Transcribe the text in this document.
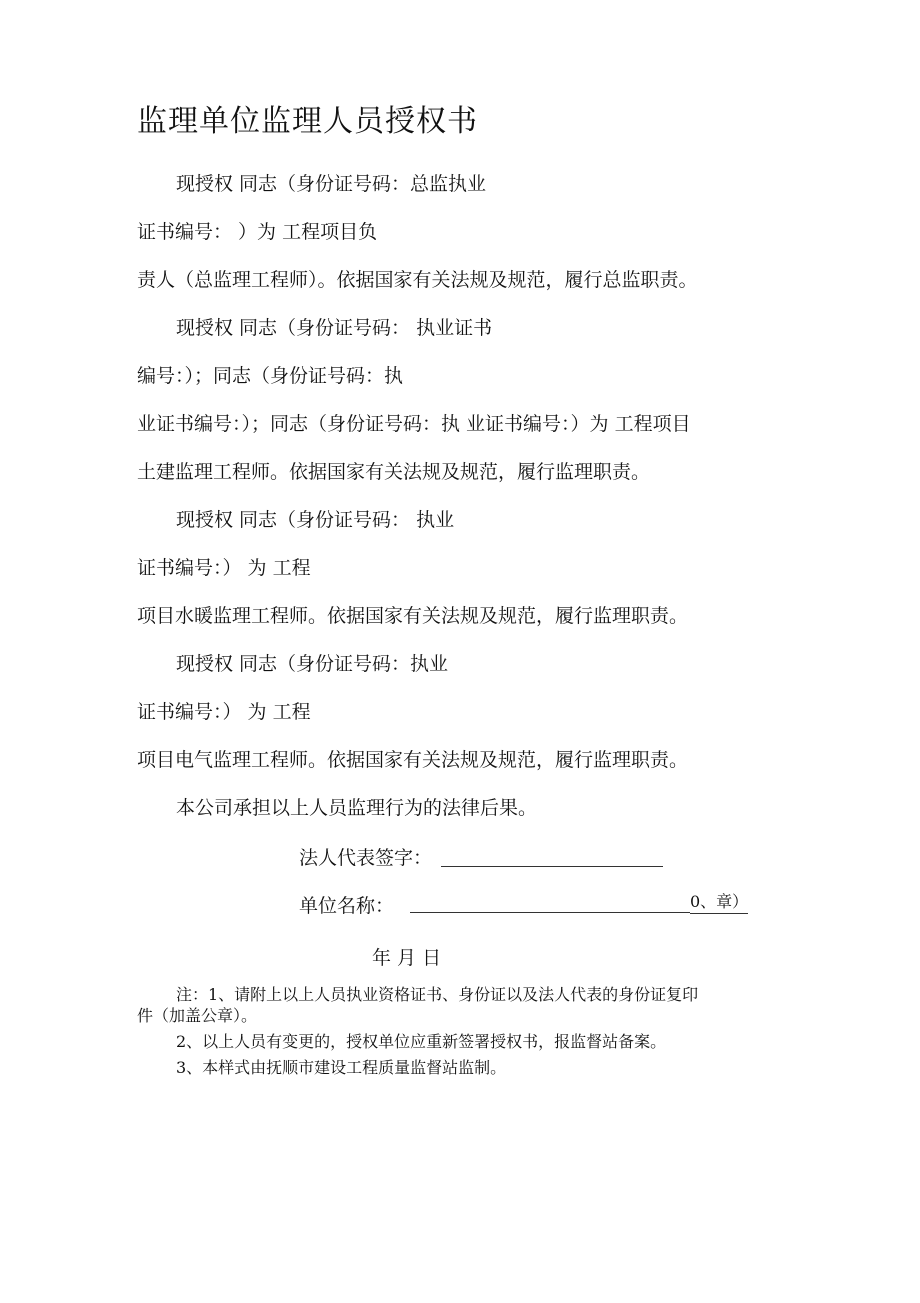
监理单位监理人员授权书
现授权 同志（身份证号码：总监执业
证书编号： ）为 工程项目负
责人（总监理工程师）。依据国家有关法规及规范，履行总监职责。
现授权 同志（身份证号码： 执业证书
编号：）；同志（身份证号码：执
业证书编号：）；同志（身份证号码：执 业证书编号：）为 工程项目
土建监理工程师。依据国家有关法规及规范，履行监理职责。
现授权 同志（身份证号码： 执业
证书编号：） 为 工程
项目水暖监理工程师。依据国家有关法规及规范，履行监理职责。
现授权 同志（身份证号码：执业
证书编号：） 为 工程
项目电气监理工程师。依据国家有关法规及规范，履行监理职责。
本公司承担以上人员监理行为的法律后果。
法人代表签字：
单位名称：	0、章）
年 月 日
注：1、请附上以上人员执业资格证书、身份证以及法人代表的身份证复印
件（加盖公章）。
2、以上人员有变更的，授权单位应重新签署授权书，报监督站备案。
3、本样式由抚顺市建设工程质量监督站监制。
